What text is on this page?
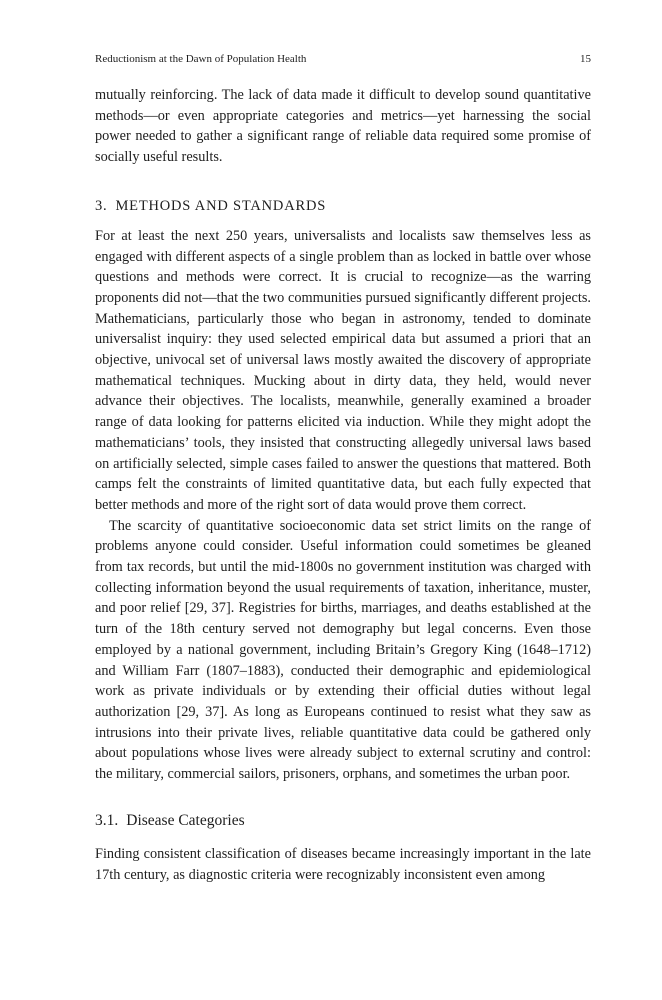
Reductionism at the Dawn of Population Health	15

mutually reinforcing. The lack of data made it difficult to develop sound quantitative methods—or even appropriate categories and metrics—yet harnessing the social power needed to gather a significant range of reliable data required some promise of socially useful results.

3. METHODS AND STANDARDS

For at least the next 250 years, universalists and localists saw themselves less as engaged with different aspects of a single problem than as locked in battle over whose questions and methods were correct. It is crucial to recognize—as the warring proponents did not—that the two communities pursued significantly different projects. Mathematicians, particularly those who began in astronomy, tended to dominate universalist inquiry: they used selected empirical data but assumed a priori that an objective, univocal set of universal laws mostly awaited the discovery of appropriate mathematical techniques. Mucking about in dirty data, they held, would never advance their objectives. The localists, meanwhile, generally examined a broader range of data looking for patterns elicited via induction. While they might adopt the mathematicians’ tools, they insisted that constructing allegedly universal laws based on artificially selected, simple cases failed to answer the questions that mattered. Both camps felt the constraints of limited quantitative data, but each fully expected that better methods and more of the right sort of data would prove them correct.

The scarcity of quantitative socioeconomic data set strict limits on the range of problems anyone could consider. Useful information could sometimes be gleaned from tax records, but until the mid-1800s no government institution was charged with collecting information beyond the usual requirements of taxation, inheritance, muster, and poor relief [29, 37]. Registries for births, marriages, and deaths established at the turn of the 18th century served not demography but legal concerns. Even those employed by a national government, including Britain’s Gregory King (1648–1712) and William Farr (1807–1883), conducted their demographic and epidemiological work as private individuals or by extending their official duties without legal authorization [29, 37]. As long as Europeans continued to resist what they saw as intrusions into their private lives, reliable quantitative data could be gathered only about populations whose lives were already subject to external scrutiny and control: the military, commercial sailors, prisoners, orphans, and sometimes the urban poor.

3.1. Disease Categories

Finding consistent classification of diseases became increasingly important in the late 17th century, as diagnostic criteria were recognizably inconsistent even among
